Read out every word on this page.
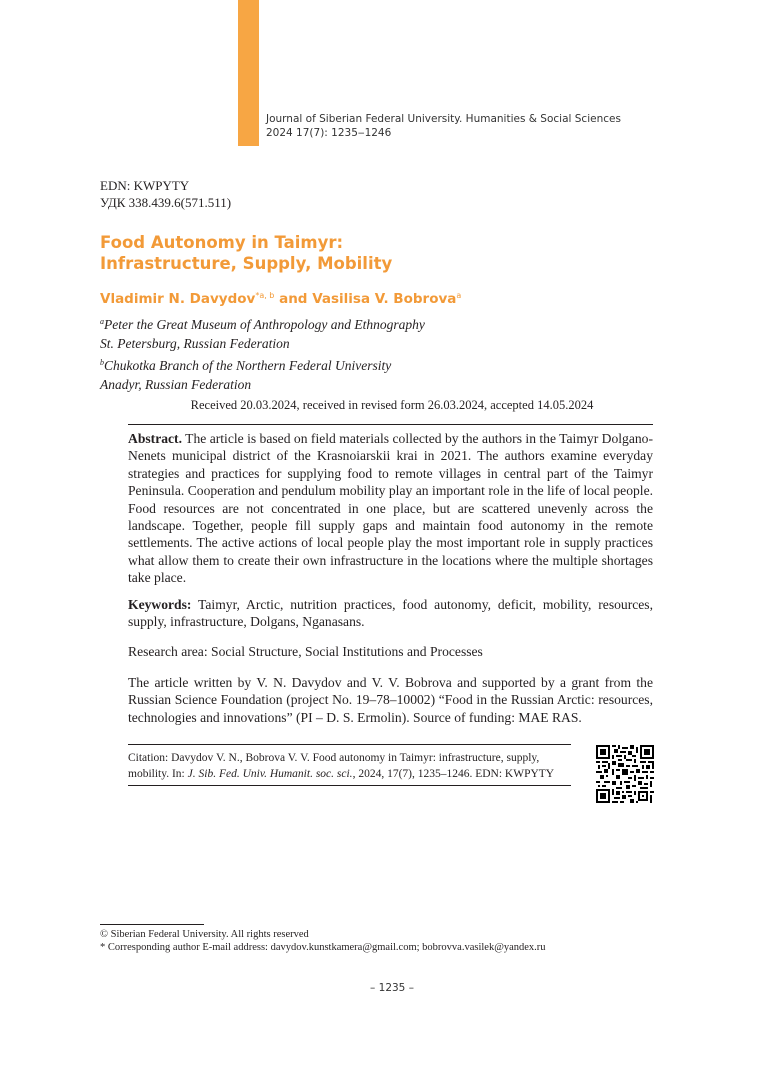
Journal of Siberian Federal University. Humanities & Social Sciences
2024 17(7): 1235‒1246
EDN: KWPYTY
УДК 338.439.6(571.511)
Food Autonomy in Taimyr:
Infrastructure, Supply, Mobility
Vladimir N. Davydov$^{*a, b}$ and Vasilisa V. Bobrova$^a$
$^a$Peter the Great Museum of Anthropology and Ethnography
St. Petersburg, Russian Federation
$^b$Chukotka Branch of the Northern Federal University
Anadyr, Russian Federation
Received 20.03.2024, received in revised form 26.03.2024, accepted 14.05.2024
Abstract. The article is based on field materials collected by the authors in the Taimyr Dolgano-Nenets municipal district of the Krasnoiarskii krai in 2021. The authors examine everyday strategies and practices for supplying food to remote villages in central part of the Taimyr Peninsula. Cooperation and pendulum mobility play an important role in the life of local people. Food resources are not concentrated in one place, but are scattered unevenly across the landscape. Together, people fill supply gaps and maintain food autonomy in the remote settlements. The active actions of local people play the most important role in supply practices what allow them to create their own infrastructure in the locations where the multiple shortages take place.
Keywords: Taimyr, Arctic, nutrition practices, food autonomy, deficit, mobility, resources, supply, infrastructure, Dolgans, Nganasans.
Research area: Social Structure, Social Institutions and Processes
The article written by V. N. Davydov and V. V. Bobrova and supported by a grant from the Russian Science Foundation (project No. 19–78–10002) “Food in the Russian Arctic: resources, technologies and innovations” (PI – D. S. Ermolin). Source of funding: MAE RAS.
Citation: Davydov V. N., Bobrova V. V. Food autonomy in Taimyr: infrastructure, supply, mobility. In: J. Sib. Fed. Univ. Humanit. soc. sci., 2024, 17(7), 1235–1246. EDN: KWPYTY
© Siberian Federal University. All rights reserved
* Corresponding author E-mail address: davydov.kunstkamera@gmail.com; bobrovva.vasilek@yandex.ru
– 1235 –
